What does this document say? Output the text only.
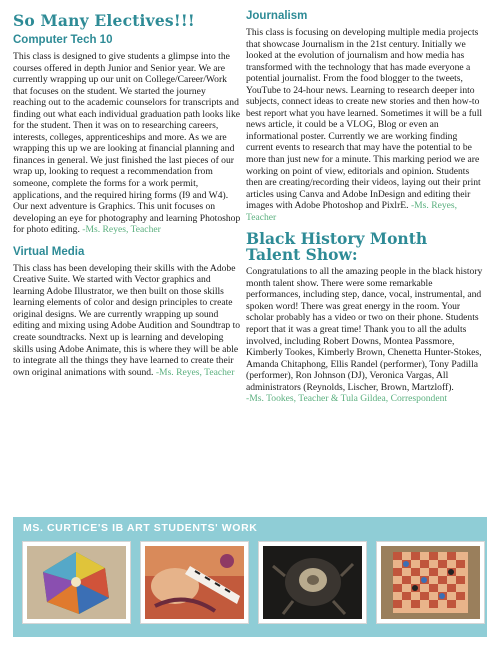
So Many Electives!!!
Computer Tech 10

This class is designed to give students a glimpse into the courses offered in depth Junior and Senior year. We are currently wrapping up our unit on College/Career/Work that focuses on the student. We started the journey reaching out to the academic counselors for transcripts and finding out what each individual graduation path looks like for the student. Then it was on to researching careers, interests, colleges, apprenticeships and more. As we are wrapping this up we are looking at financial planning and finances in general. We just finished the last pieces of our wrap up, looking to request a recommendation from someone, complete the forms for a work permit, applications, and the required hiring forms (I9 and W4). Our next adventure is Graphics. This unit focuses on developing an eye for photography and learning Photoshop for photo editing. -Ms. Reyes, Teacher

Virtual Media

This class has been developing their skills with the Adobe Creative Suite. We started with Vector graphics and learning Adobe Illustrator, we then built on those skills learning elements of color and design principles to create original designs. We are currently wrapping up sound editing and mixing using Adobe Audition and Soundtrap to create soundtracks. Next up is learning and developing skills using Adobe Animate, this is where they will be able to integrate all the things they have learned to create their own original animations with sound. -Ms. Reyes, Teacher

Journalism

This class is focusing on developing multiple media projects that showcase Journalism in the 21st century. Initially we looked at the evolution of journalism and how media has transformed with the technology that has made everyone a potential journalist. From the food blogger to the tweets, YouTube to 24-hour news. Learning to research deeper into subjects, connect ideas to create new stories and then how-to best report what you have learned. Sometimes it will be a full news article, it could be a VLOG, Blog or even an informational poster. Currently we are working finding current events to research that may have the potential to be more than just new for a minute. This marking period we are working on point of view, editorials and opinion. Students then are creating/recording their videos, laying out their print articles using Canva and Adobe InDesign and editing their images with Adobe Photoshop and PixlrE. -Ms. Reyes, Teacher

Black History Month
Talent Show:

Congratulations to all the amazing people in the black history month talent show. There were some remarkable performances, including step, dance, vocal, instrumental, and spoken word! There was great energy in the room. Your scholar probably has a video or two on their phone. Students report that it was a great time! Thank you to all the adults involved, including Robert Downs, Montea Passmore, Kimberly Tookes, Kimberly Brown, Chenetta Hunter-Stokes, Amanda Chitaphong, Ellis Randel (performer), Tony Padilla (performer), Ron Johnson (DJ), Veronica Vargas, All administrators (Reynolds, Lischer, Brown, Martzloff).
-Ms. Tookes, Teacher & Tula Gildea, Correspondent

MS. CURTICE'S IB ART STUDENTS' WORK
